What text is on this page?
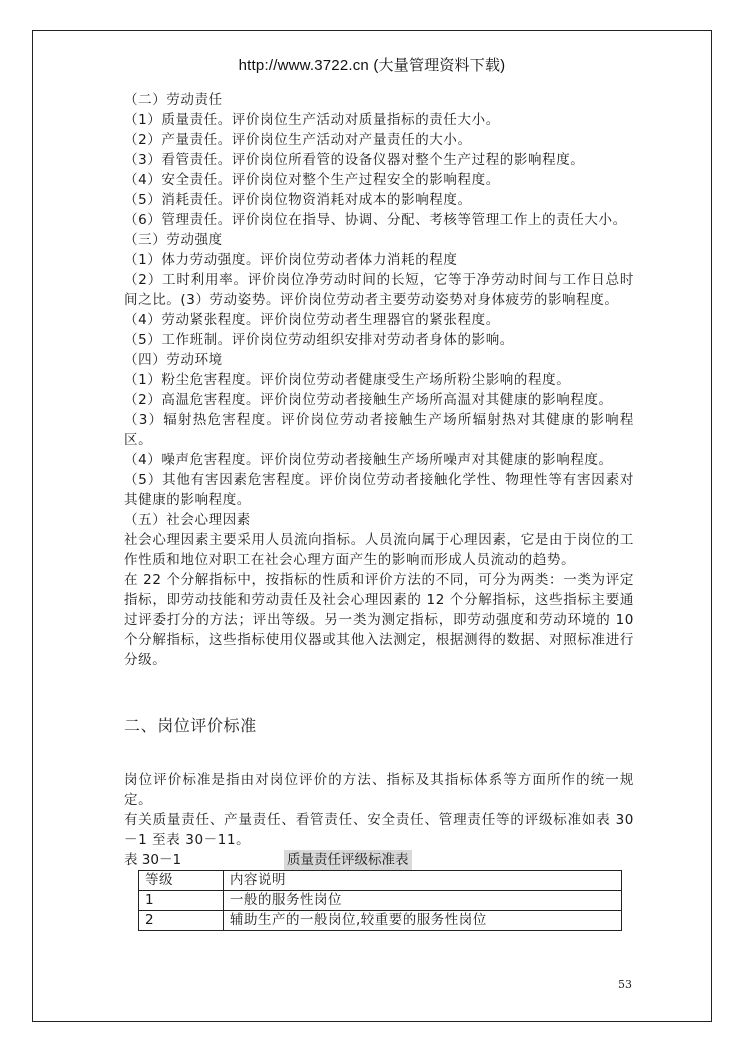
http://www.3722.cn (大量管理资料下载)

（二）劳动责任

（1）质量责任。评价岗位生产活动对质量指标的责任大小。

（2）产量责任。评价岗位生产活动对产量责任的大小。

（3）看管责任。评价岗位所看管的设备仪器对整个生产过程的影响程度。

（4）安全责任。评价岗位对整个生产过程安全的影响程度。

（5）消耗责任。评价岗位物资消耗对成本的影响程度。

（6）管理责任。评价岗位在指导、协调、分配、考核等管理工作上的责任大小。

（三）劳动强度

（1）体力劳动强度。评价岗位劳动者体力消耗的程度

（2）工时利用率。评价岗位净劳动时间的长短，它等于净劳动时间与工作日总时间之比。(3）劳动姿势。评价岗位劳动者主要劳动姿势对身体疲劳的影响程度。

（4）劳动紧张程度。评价岗位劳动者生理器官的紧张程度。

（5）工作班制。评价岗位劳动组织安排对劳动者身体的影响。

（四）劳动环境

（1）粉尘危害程度。评价岗位劳动者健康受生产场所粉尘影响的程度。

（2）高温危害程度。评价岗位劳动者接触生产场所高温对其健康的影响程度。

（3）辐射热危害程度。评价岗位劳动者接触生产场所辐射热对其健康的影响程区。

（4）噪声危害程度。评价岗位劳动者接触生产场所噪声对其健康的影响程度。

（5）其他有害因素危害程度。评价岗位劳动者接触化学性、物理性等有害因素对其健康的影响程度。

（五）社会心理因素

社会心理因素主要采用人员流向指标。人员流向属于心理因素，它是由于岗位的工作性质和地位对职工在社会心理方面产生的影响而形成人员流动的趋势。

在 22 个分解指标中，按指标的性质和评价方法的不同，可分为两类：一类为评定指标，即劳动技能和劳动责任及社会心理因素的 12 个分解指标，这些指标主要通过评委打分的方法；评出等级。另一类为测定指标，即劳动强度和劳动环境的 10 个分解指标，这些指标使用仪器或其他入法测定，根据测得的数据、对照标准进行分级。

二、岗位评价标准

岗位评价标准是指由对岗位评价的方法、指标及其指标体系等方面所作的统一规定。

有关质量责任、产量责任、看管责任、安全责任、管理责任等的评级标准如表 30－1 至表 30－11。

表 30－1	质量责任评级标准表
等级	内容说明
1	一般的服务性岗位
2	辅助生产的一般岗位,较重要的服务性岗位
53
